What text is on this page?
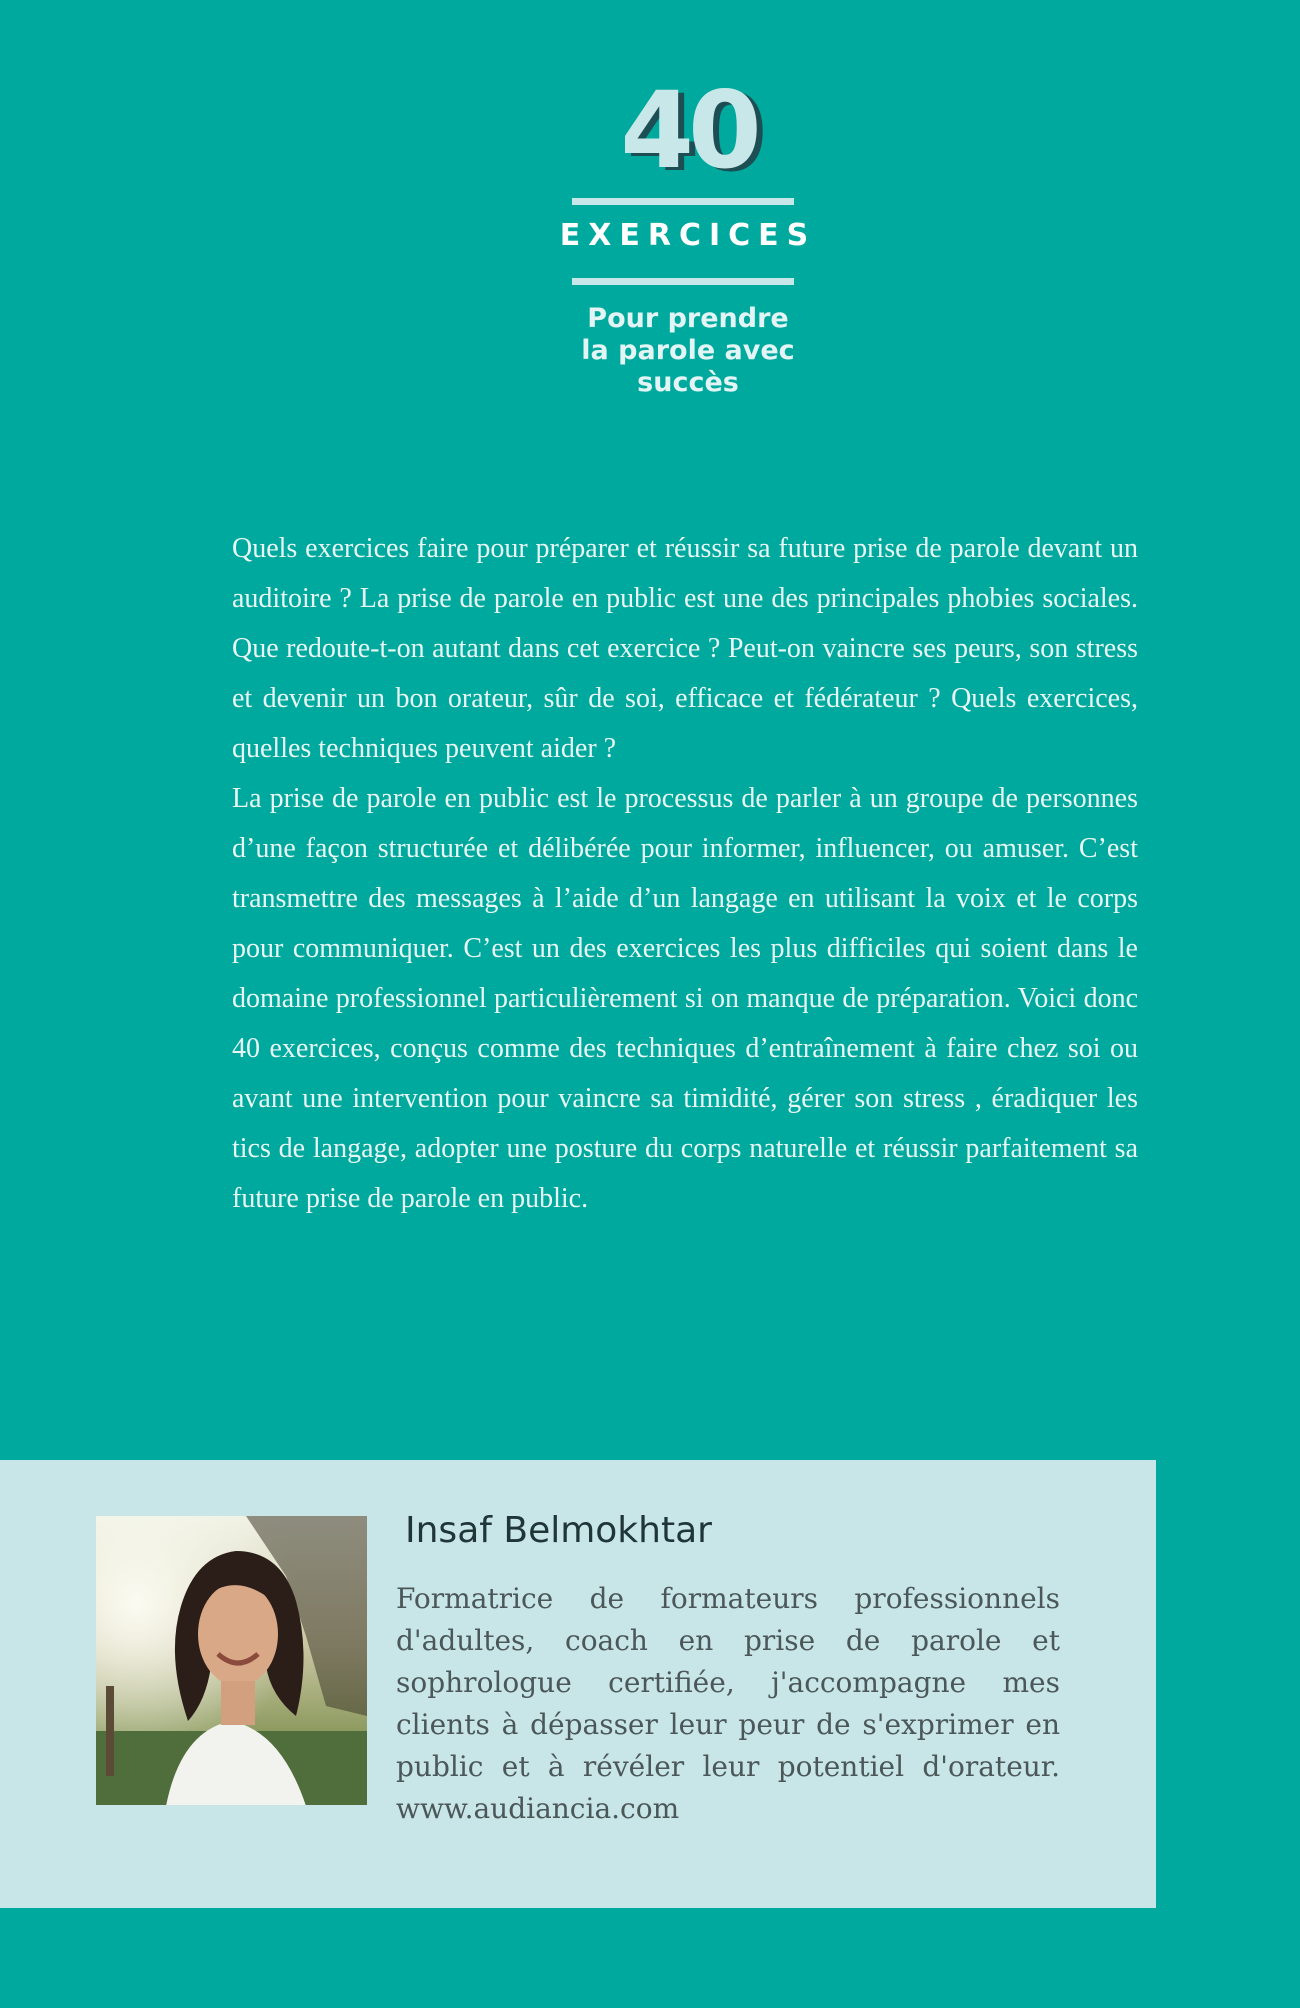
40
EXERCICES
Pour prendre
la parole avec
succès

Quels exercices faire pour préparer et réussir sa future prise de parole devant un auditoire ? La prise de parole en public est une des principales phobies sociales. Que redoute-t-on autant dans cet exercice ? Peut-on vaincre ses peurs, son stress et devenir un bon orateur, sûr de soi, efficace et fédérateur ? Quels exercices, quelles techniques peuvent aider ?

La prise de parole en public est le processus de parler à un groupe de personnes d’une façon structurée et délibérée pour informer, influencer, ou amuser. C’est transmettre des messages à l’aide d’un langage en utilisant la voix et le corps pour communiquer. C’est un des exercices les plus difficiles qui soient dans le domaine professionnel particulièrement si on manque de préparation. Voici donc 40 exercices, conçus comme des techniques d’entraînement à faire chez soi ou avant une intervention pour vaincre sa timidité, gérer son stress , éradiquer les tics de langage, adopter une posture du corps naturelle et réussir parfaitement sa future prise de parole en public.

Insaf Belmokhtar

Formatrice de formateurs professionnels d'adultes, coach en prise de parole et sophrologue certifiée, j'accompagne mes clients à dépasser leur peur de s'exprimer en public et à révéler leur potentiel d'orateur. www.audiancia.com
